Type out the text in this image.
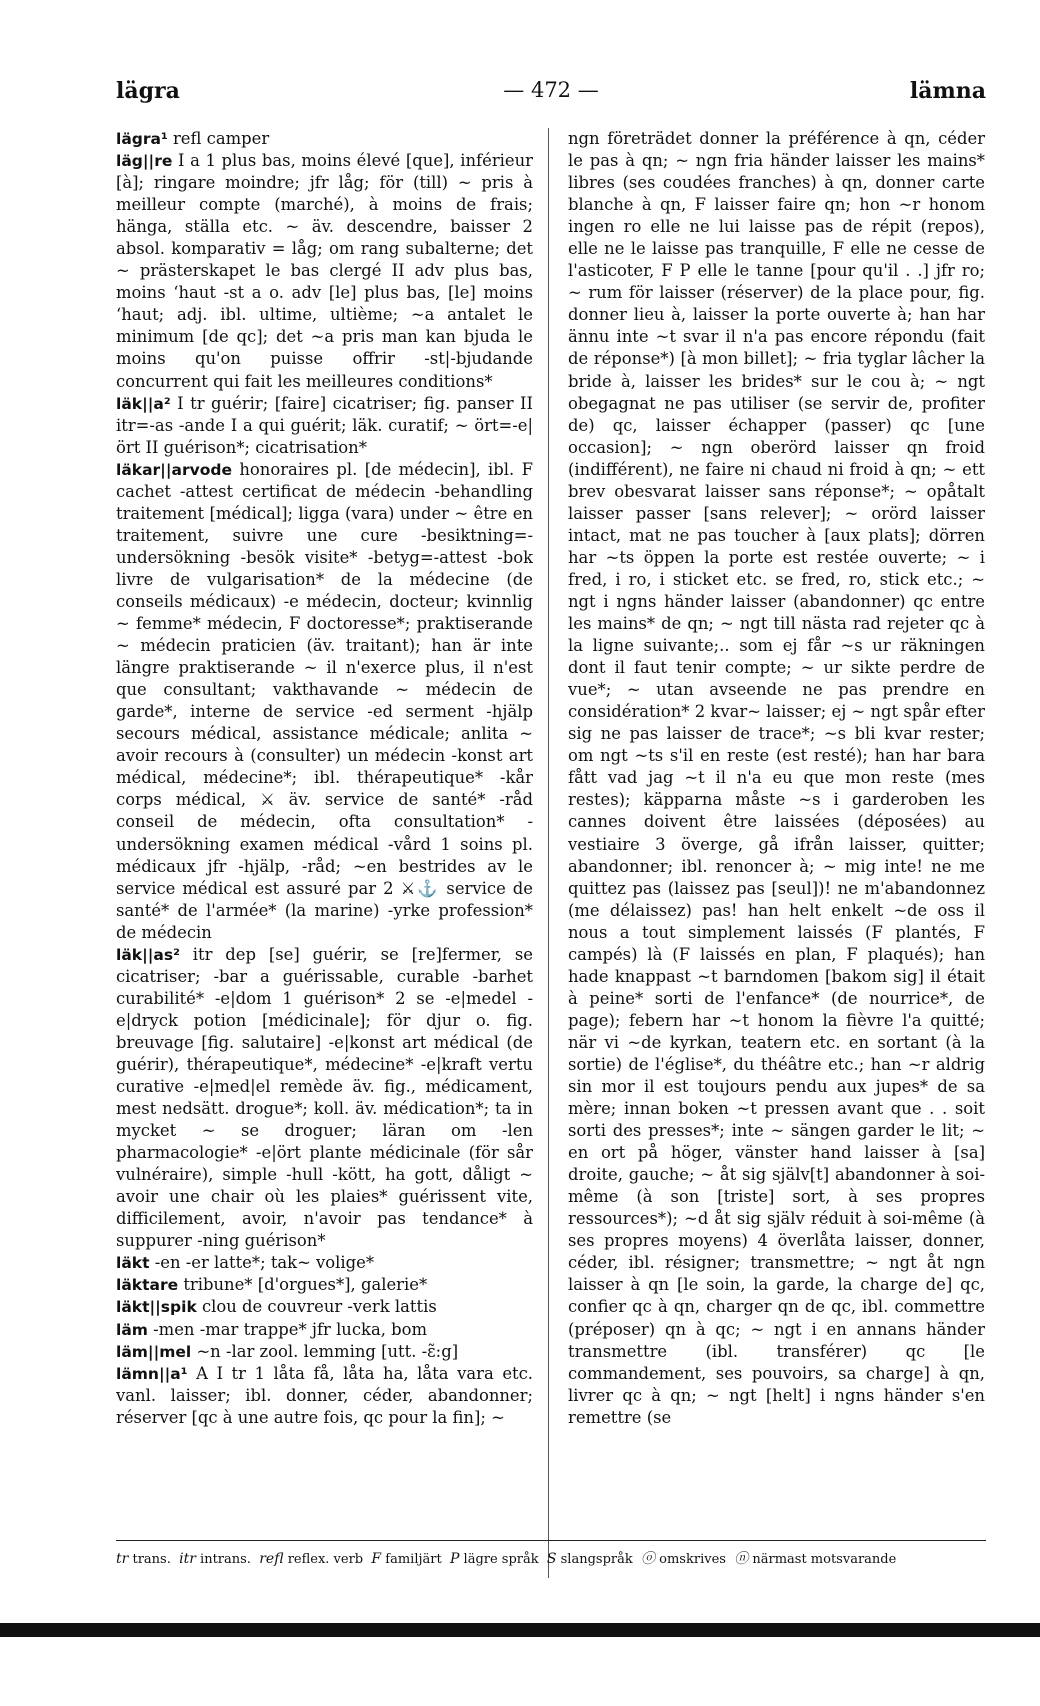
lägra	— 472 —	lämna

lägra¹ refl camper

läg||re I a 1 plus bas, moins élevé [que], inférieur [à]; ringare moindre; jfr låg; för (till) ~ pris à meilleur compte (marché), à moins de frais; hänga, ställa etc. ~ äv. descendre, baisser 2 absol. komparativ = låg; om rang subalterne; det ~ prästerskapet le bas clergé II adv plus bas, moins ‘haut -st a o. adv [le] plus bas, [le] moins ‘haut; adj. ibl. ultime, ultième; ~a antalet le minimum [de qc]; det ~a pris man kan bjuda le moins qu'on puisse offrir -st|-bjudande concurrent qui fait les meilleures conditions*

läk||a² I tr guérir; [faire] cicatriser; fig. panser II itr=-as -ande I a qui guérit; läk. curatif; ~ ört=-e|ört II guérison*; cicatrisation*

läkar||arvode honoraires pl. [de médecin], ibl. F cachet -attest certificat de médecin -behandling traitement [médical]; ligga (vara) under ~ être en traitement, suivre une cure -besiktning=-undersökning -besök visite* -betyg=-attest -bok livre de vulgarisation* de la médecine (de conseils médicaux) -e médecin, docteur; kvinnlig ~ femme* médecin, F doctoresse*; praktiserande ~ médecin praticien (äv. traitant); han är inte längre praktiserande ~ il n'exerce plus, il n'est que consultant; vakthavande ~ médecin de garde*, interne de service -ed serment -hjälp secours médical, assistance médicale; anlita ~ avoir recours à (consulter) un médecin -konst art médical, médecine*; ibl. thérapeutique* -kår corps médical, ⚔ äv. service de santé* -råd conseil de médecin, ofta consultation* -undersökning examen médical -vård 1 soins pl. médicaux jfr -hjälp, -råd; ~en bestrides av le service médical est assuré par 2 ⚔⚓ service de santé* de l'armée* (la marine) -yrke profession* de médecin

läk||as² itr dep [se] guérir, se [re]fermer, se cicatriser; -bar a guérissable, curable -barhet curabilité* -e|dom 1 guérison* 2 se -e|medel -e|dryck potion [médicinale]; för djur o. fig. breuvage [fig. salutaire] -e|konst art médical (de guérir), thérapeutique*, médecine* -e|kraft vertu curative -e|med|el remède äv. fig., médicament, mest nedsätt. drogue*; koll. äv. médication*; ta in mycket ~ se droguer; läran om -len pharmacologie* -e|ört plante médicinale (för sår vulnéraire), simple -hull -kött, ha gott, dåligt ~ avoir une chair où les plaies* guérissent vite, difficilement, avoir, n'avoir pas tendance* à suppurer -ning guérison*

läkt -en -er latte*; tak~ volige*

läktare tribune* [d'orgues*], galerie*

läkt||spik clou de couvreur -verk lattis

läm -men -mar trappe* jfr lucka, bom

läm||mel ~n -lar zool. lemming [utt. -ɛ̃:g]

lämn||a¹ A I tr 1 låta få, låta ha, låta vara etc. vanl. laisser; ibl. donner, céder, abandonner; réserver [qc à une autre fois, qc pour la fin]; ~

ngn företrädet donner la préférence à qn, céder le pas à qn; ~ ngn fria händer laisser les mains* libres (ses coudées franches) à qn, donner carte blanche à qn, F laisser faire qn; hon ~r honom ingen ro elle ne lui laisse pas de répit (repos), elle ne le laisse pas tranquille, F elle ne cesse de l'asticoter, F P elle le tanne [pour qu'il . .] jfr ro; ~ rum för laisser (réserver) de la place pour, fig. donner lieu à, laisser la porte ouverte à; han har ännu inte ~t svar il n'a pas encore répondu (fait de réponse*) [à mon billet]; ~ fria tyglar lâcher la bride à, laisser les brides* sur le cou à; ~ ngt obegagnat ne pas utiliser (se servir de, profiter de) qc, laisser échapper (passer) qc [une occasion]; ~ ngn oberörd laisser qn froid (indifférent), ne faire ni chaud ni froid à qn; ~ ett brev obesvarat laisser sans réponse*; ~ opåtalt laisser passer [sans relever]; ~ orörd laisser intact, mat ne pas toucher à [aux plats]; dörren har ~ts öppen la porte est restée ouverte; ~ i fred, i ro, i sticket etc. se fred, ro, stick etc.; ~ ngt i ngns händer laisser (abandonner) qc entre les mains* de qn; ~ ngt till nästa rad rejeter qc à la ligne suivante;.. som ej får ~s ur räkningen dont il faut tenir compte; ~ ur sikte perdre de vue*; ~ utan avseende ne pas prendre en considération* 2 kvar~ laisser; ej ~ ngt spår efter sig ne pas laisser de trace*; ~s bli kvar rester; om ngt ~ts s'il en reste (est resté); han har bara fått vad jag ~t il n'a eu que mon reste (mes restes); käpparna måste ~s i garderoben les cannes doivent être laissées (déposées) au vestiaire 3 överge, gå ifrån laisser, quitter; abandonner; ibl. renoncer à; ~ mig inte! ne me quittez pas (laissez pas [seul])! ne m'abandonnez (me délaissez) pas! han helt enkelt ~de oss il nous a tout simplement laissés (F plantés, F campés) là (F laissés en plan, F plaqués); han hade knappast ~t barndomen [bakom sig] il était à peine* sorti de l'enfance* (de nourrice*, de page); febern har ~t honom la fièvre l'a quitté; när vi ~de kyrkan, teatern etc. en sortant (à la sortie) de l'église*, du théâtre etc.; han ~r aldrig sin mor il est toujours pendu aux jupes* de sa mère; innan boken ~t pressen avant que . . soit sorti des presses*; inte ~ sängen garder le lit; ~ en ort på höger, vänster hand laisser à [sa] droite, gauche; ~ åt sig själv[t] abandonner à soi-même (à son [triste] sort, à ses propres ressources*); ~d åt sig själv réduit à soi-même (à ses propres moyens) 4 överlåta laisser, donner, céder, ibl. résigner; transmettre; ~ ngt åt ngn laisser à qn [le soin, la garde, la charge de] qc, confier qc à qn, charger qn de qc, ibl. commettre (préposer) qn à qc; ~ ngt i en annans händer transmettre (ibl. transférer) qc [le commandement, ses pouvoirs, sa charge] à qn, livrer qc à qn; ~ ngt [helt] i ngns händer s'en remettre (se

tr trans. itr intrans. refl reflex. verb F familjärt P lägre språk S slangspråk ⓞ omskrives ⓝ närmast motsvarande
